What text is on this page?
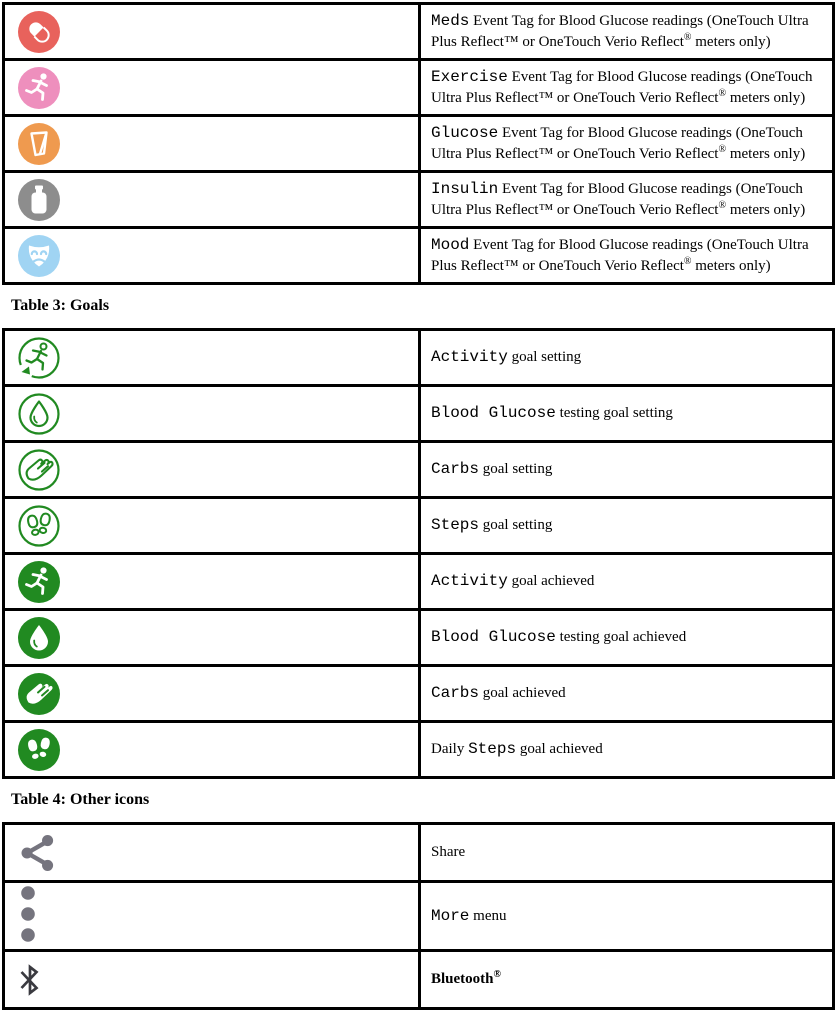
Meds Event Tag for Blood Glucose readings (OneTouch Ultra Plus Reflect™ or OneTouch Verio Reflect® meters only)

Exercise Event Tag for Blood Glucose readings (OneTouch Ultra Plus Reflect™ or OneTouch Verio Reflect® meters only)

Glucose Event Tag for Blood Glucose readings (OneTouch Ultra Plus Reflect™ or OneTouch Verio Reflect® meters only)

Insulin Event Tag for Blood Glucose readings (OneTouch Ultra Plus Reflect™ or OneTouch Verio Reflect® meters only)

Mood Event Tag for Blood Glucose readings (OneTouch Ultra Plus Reflect™ or OneTouch Verio Reflect® meters only)

Table 3: Goals

Activity goal setting

Blood Glucose testing goal setting

Carbs goal setting

Steps goal setting

Activity goal achieved

Blood Glucose testing goal achieved

Carbs goal achieved

Daily Steps goal achieved

Table 4: Other icons

Share

More menu

Bluetooth®
